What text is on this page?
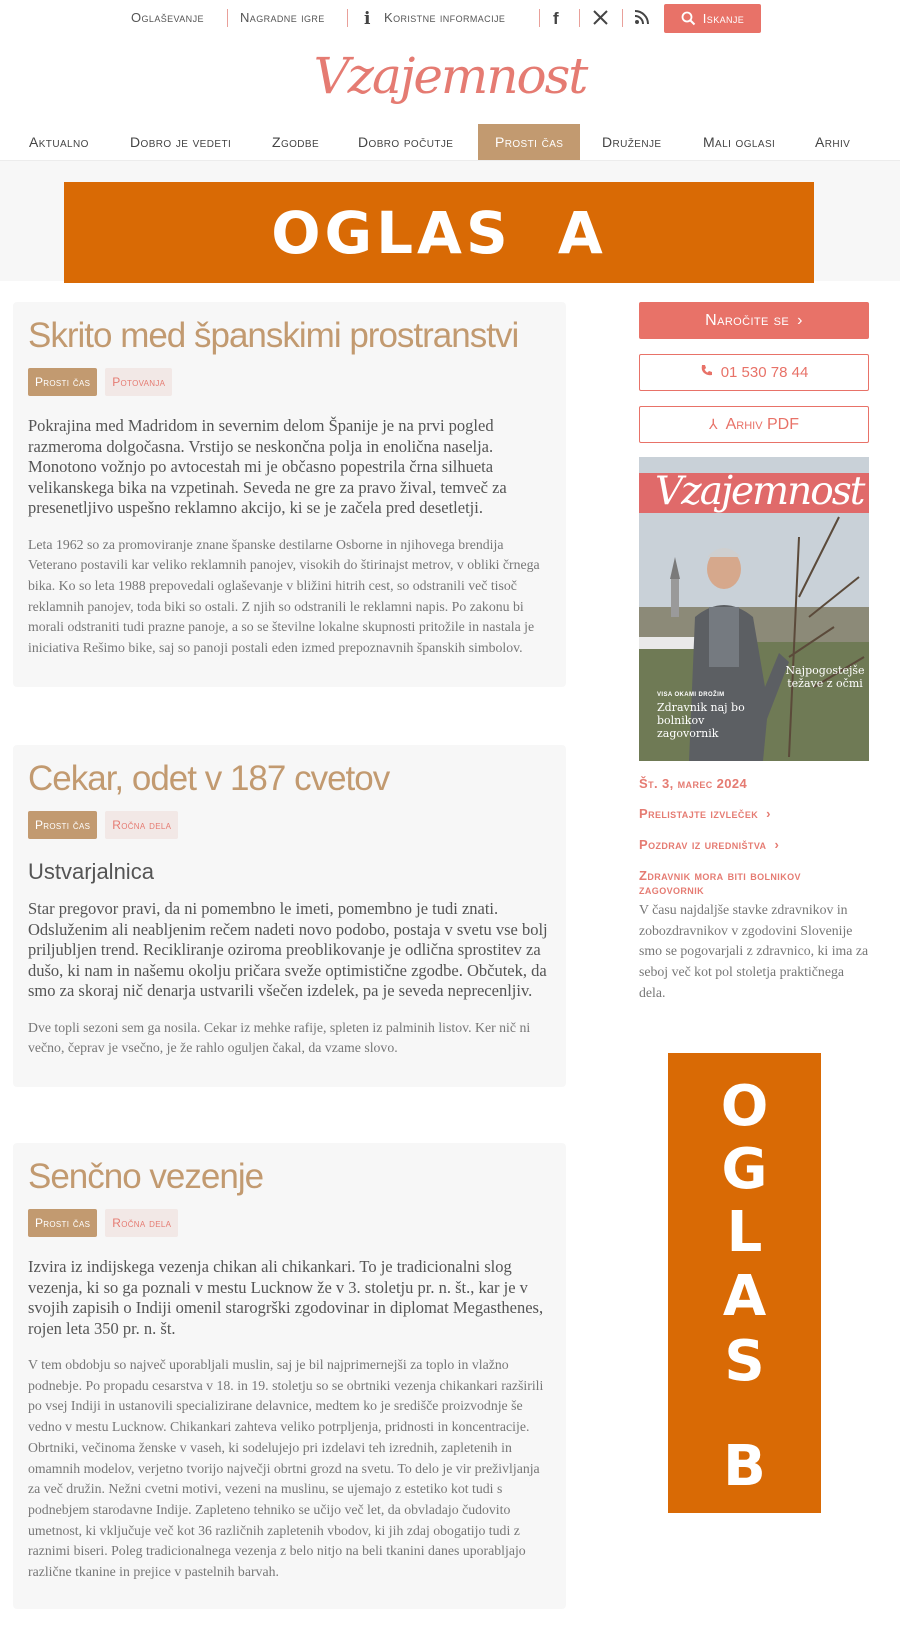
Oglaševanje	Nagradne igre i Koristne informacije	f	Iskanje
Vzajemnost
Aktualno	Dobro je vedeti	Zgodbe	Dobro počutje	Prosti čas	Druženje	Mali oglasi	Arhiv
OGLAS A
Skrito med španskimi prostranstvi
Prosti čas	Potovanja

Pokrajina med Madridom in severnim delom Španije je na prvi pogled razmeroma dolgočasna. Vrstijo se neskončna polja in enolična naselja. Monotono vožnjo po avtocestah mi je občasno popestrila črna silhueta velikanskega bika na vzpetinah. Seveda ne gre za pravo žival, temveč za presenetljivo uspešno reklamno akcijo, ki se je začela pred desetletji.

Leta 1962 so za promoviranje znane španske destilarne Osborne in njihovega brendija Veterano postavili kar veliko reklamnih panojev, visokih do štirinajst metrov, v obliki črnega bika. Ko so leta 1988 prepovedali oglaševanje v bližini hitrih cest, so odstranili več tisoč reklamnih panojev, toda biki so ostali. Z njih so odstranili le reklamni napis. Po zakonu bi morali odstraniti tudi prazne panoje, a so se številne lokalne skupnosti pritožile in nastala je iniciativa Rešimo bike, saj so panoji postali eden izmed prepoznavnih španskih simbolov.

Cekar, odet v 187 cvetov
Prosti čas	Ročna dela
Ustvarjalnica

Star pregovor pravi, da ni pomembno le imeti, pomembno je tudi znati. Odsluženim ali neabljenim rečem nadeti novo podobo, postaja v svetu vse bolj priljubljen trend. Recikliranje oziroma preoblikovanje je odlična sprostitev za dušo, ki nam in našemu okolju pričara sveže optimistične zgodbe. Občutek, da smo za skoraj nič denarja ustvarili všečen izdelek, pa je seveda neprecenljiv.

Dve topli sezoni sem ga nosila. Cekar iz mehke rafije, spleten iz palminih listov. Ker nič ni večno, čeprav je vsečno, je že rahlo oguljen čakal, da vzame slovo.

Senčno vezenje
Prosti čas	Ročna dela

Izvira iz indijskega vezenja chikan ali chikankari. To je tradicionalni slog vezenja, ki so ga poznali v mestu Lucknow že v 3. stoletju pr. n. št., kar je v svojih zapisih o Indiji omenil starogrški zgodovinar in diplomat Megasthenes, rojen leta 350 pr. n. št.

V tem obdobju so največ uporabljali muslin, saj je bil najprimernejši za toplo in vlažno podnebje. Po propadu cesarstva v 18. in 19. stoletju so se obrtniki vezenja chikankari razširili po vsej Indiji in ustanovili specializirane delavnice, medtem ko je središče proizvodnje še vedno v mestu Lucknow. Chikankari zahteva veliko potrpljenja, pridnosti in koncentracije. Obrtniki, večinoma ženske v vaseh, ki sodelujejo pri izdelavi teh izrednih, zapletenih in omamnih modelov, verjetno tvorijo največji obrtni grozd na svetu. To delo je vir preživljanja za več družin. Nežni cvetni motivi, vezeni na muslinu, se ujemajo z estetiko kot tudi s podnebjem starodavne Indije. Zapleteno tehniko se učijo več let, da obvladajo čudovito umetnost, ki vključuje več kot 36 različnih zapletenih vbodov, ki jih zdaj obogatijo tudi z raznimi biseri. Poleg tradicionalnega vezenja z belo nitjo na beli tkanini danes uporabljajo različne tkanine in prejice v pastelnih barvah.

Naročite se ›
01 530 78 44
⅄ Arhiv PDF
Vzajemnost
Najpogostejše težave z očmi
VISA OKAMI DROŽIM
Zdravnik naj bo bolnikov zagovornik
Št. 3, marec 2024
Prelistajte izvleček ›
Pozdrav iz uredništva ›
Zdravnik mora biti bolnikov zagovornik
V času najdaljše stavke zdravnikov in zobozdravnikov v zgodovini Slovenije smo se pogovarjali z zdravnico, ki ima za seboj več kot pol stoletja praktičnega dela.
O
G
L
A
S
B
